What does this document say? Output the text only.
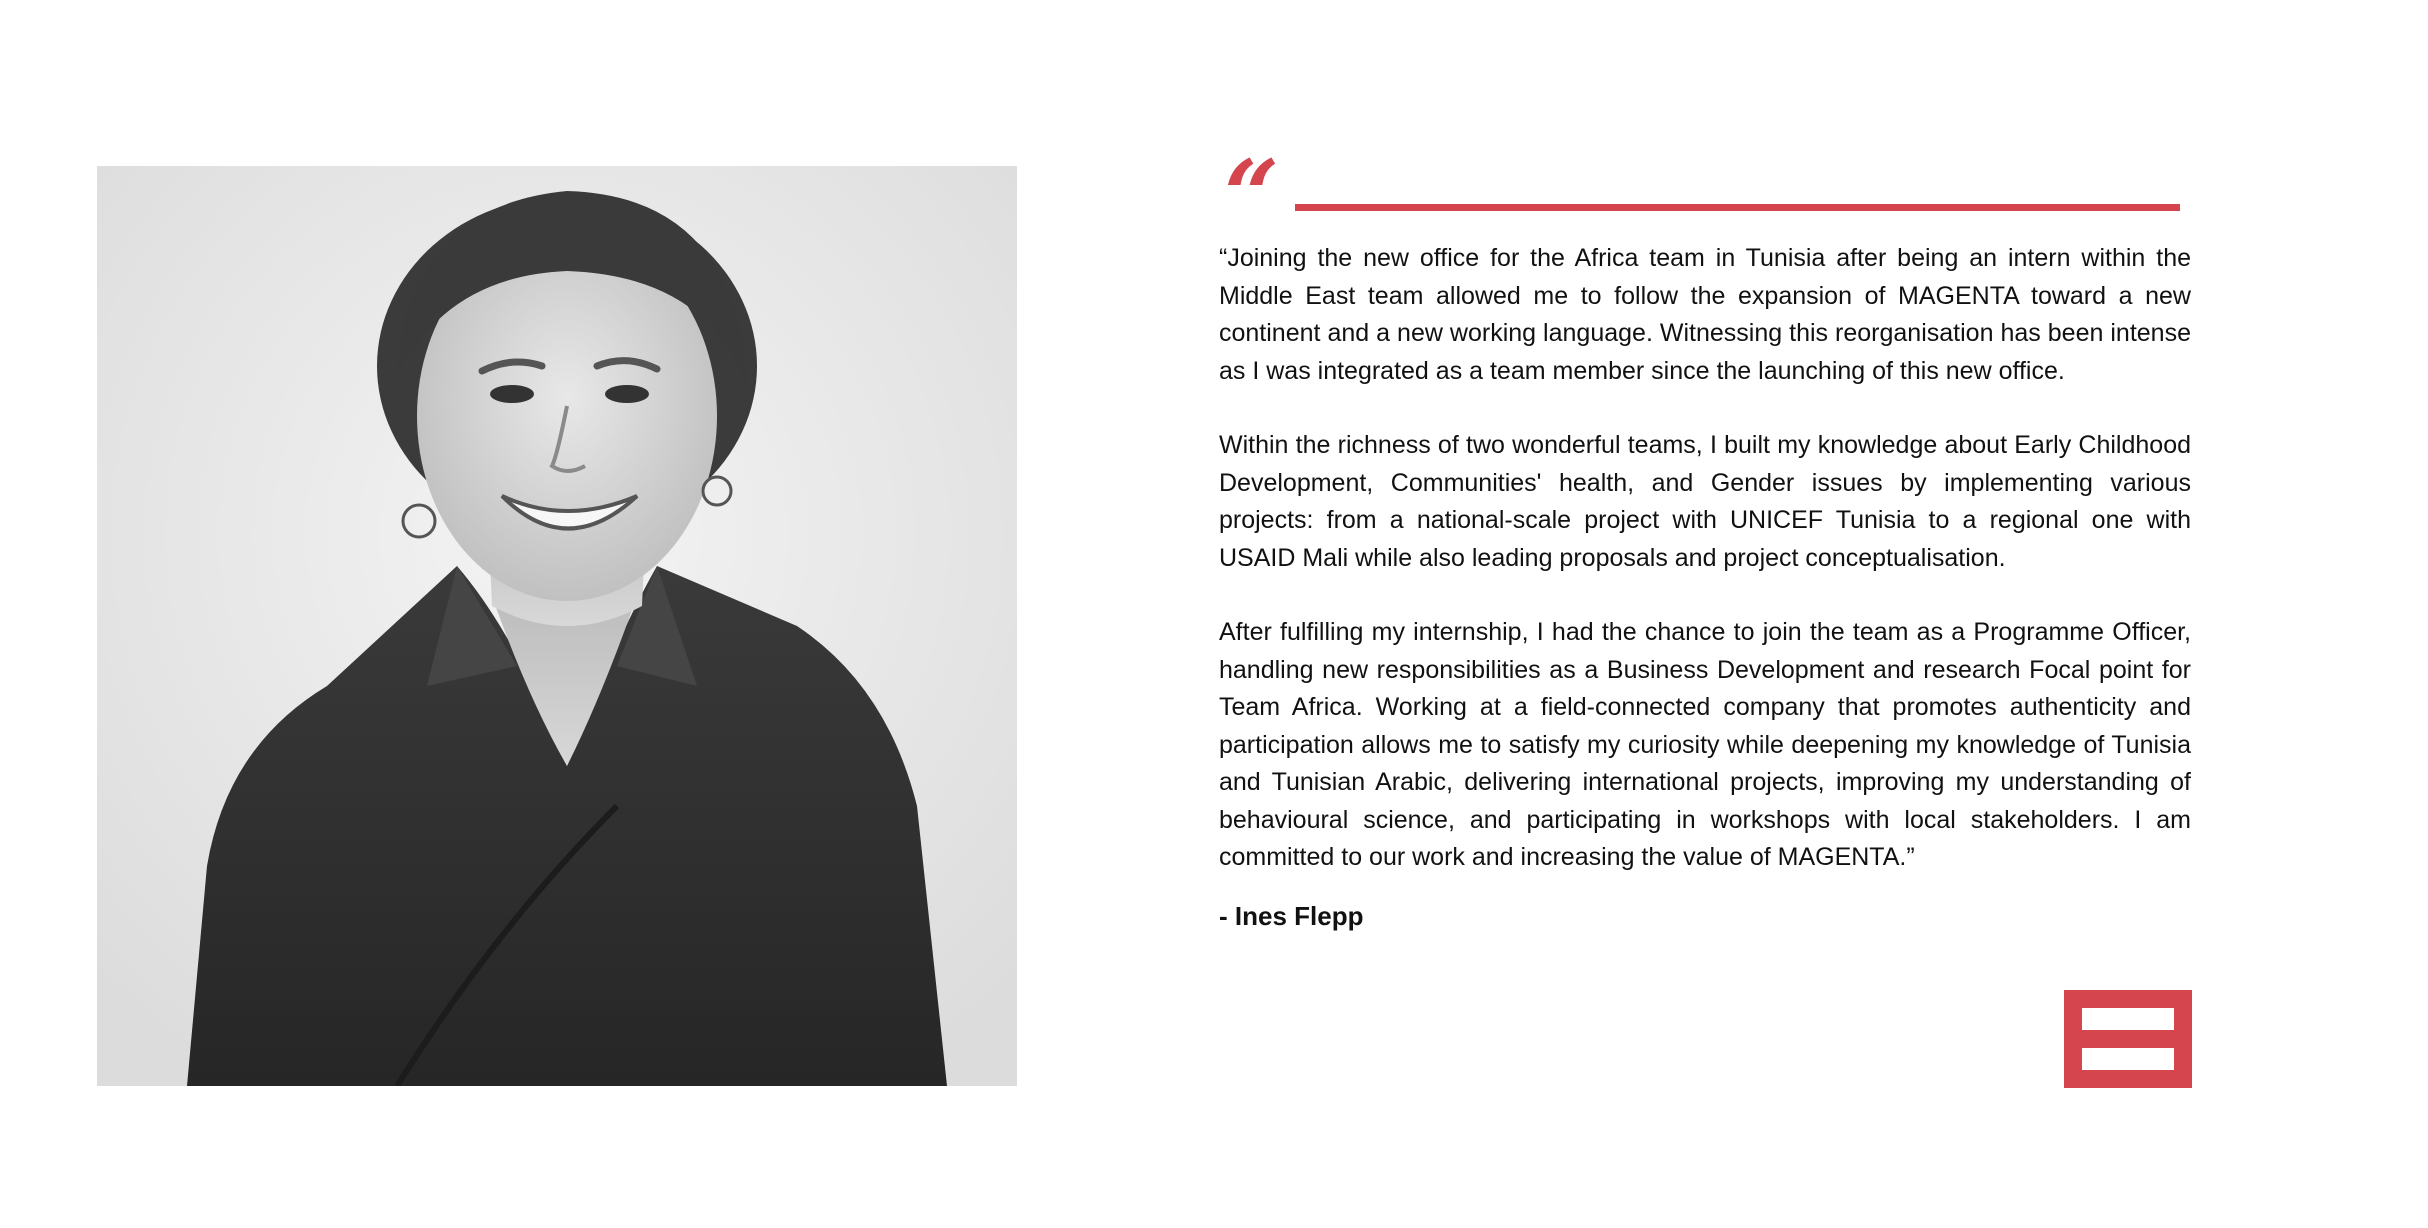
“

“Joining the new office for the Africa team in Tunisia after being an intern within the Middle East team allowed me to follow the expansion of MAGENTA toward a new continent and a new working language. Witnessing this reorganisation has been intense as I was integrated as a team member since the launching of this new office.

Within the richness of two wonderful teams, I built my knowledge about Early Childhood Development, Communities' health, and Gender issues by implementing various projects: from a national-scale project with UNICEF Tunisia to a regional one with USAID Mali while also leading proposals and project conceptualisation.

After fulfilling my internship, I had the chance to join the team as a Programme Officer, handling new responsibilities as a Business Development and research Focal point for Team Africa. Working at a field-connected company that promotes authenticity and participation allows me to satisfy my curiosity while deepening my knowledge of Tunisia and Tunisian Arabic, delivering international projects, improving my understanding of behavioural science, and participating in workshops with local stakeholders. I am committed to our work and increasing the value of MAGENTA.”

- Ines Flepp
